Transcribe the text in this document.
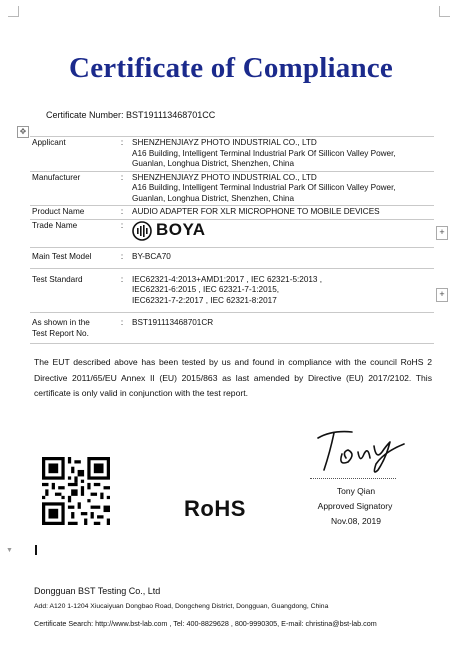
Certificate of Compliance
Certificate Number: BST191113468701CC
✥
Applicant	:	SHENZHENJIAYZ PHOTO INDUSTRIAL CO., LTD
A16 Building, Intelligent Terminal Industrial Park Of Sillicon Valley Power,
Guanlan, Longhua District, Shenzhen, China

Manufacturer	:	SHENZHENJIAYZ PHOTO INDUSTRIAL CO., LTD
A16 Building, Intelligent Terminal Industrial Park Of Sillicon Valley Power,
Guanlan, Longhua District, Shenzhen, China

Product Name	:	AUDIO ADAPTER FOR XLR MICROPHONE TO MOBILE DEVICES
Trade Name	:	BOYA

Main Test Model	:	BY-BCA70
Test Standard	:	IEC62321-4:2013+AMD1:2017 , IEC 62321-5:2013 ,
IEC62321-6:2015 , IEC 62321-7-1:2015,
IEC62321-7-2:2017 , IEC 62321-8:2017

As shown in the
Test Report No.	:	BST191113468701CR
+
+
The EUT described above has been tested by us and found in compliance with the council RoHS 2 Directive 2011/65/EU Annex II (EU) 2015/863 as last amended by Directive (EU) 2017/2102. This certificate is only valid in conjunction with the test report.
RoHS
Tony Qian
Approved Signatory
Nov.08, 2019
▼
Dongguan BST Testing Co., Ltd
Add: A120 1-1204 Xiucaiyuan Dongbao Road, Dongcheng District, Dongguan, Guangdong, China
Certificate Search: http://www.bst-lab.com , Tel: 400-8829628 , 800-9990305, E-mail: christina@bst-lab.com
